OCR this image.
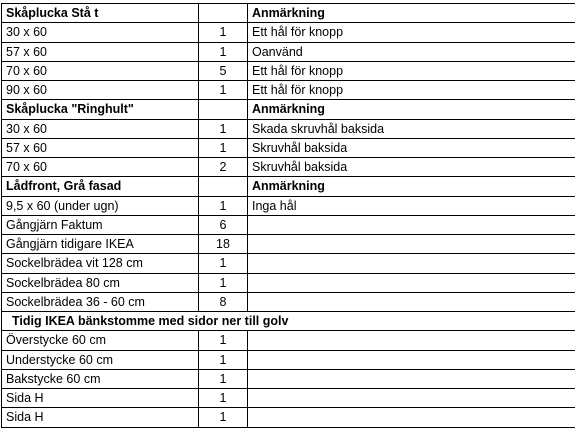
Skåplucka Stå t		Anmärkning
30 x 60	1	Ett hål för knopp
57 x 60	1	Oanvänd
70 x 60	5	Ett hål för knopp
90 x 60	1	Ett hål för knopp
Skåplucka "Ringhult"		Anmärkning
30 x 60	1	Skada skruvhål baksida
57 x 60	1	Skruvhål baksida
70 x 60	2	Skruvhål baksida
Lådfront, Grå fasad		Anmärkning
9,5 x 60 (under ugn)	1	Inga hål
Gångjärn Faktum	6	
Gångjärn tidigare IKEA	18	
Sockelbrädea vit 128 cm	1	
Sockelbrädea 80 cm	1	
Sockelbrädea 36 - 60 cm	8	
Tidig IKEA bänkstomme med sidor ner till golv		
Överstycke 60 cm	1	
Understycke 60 cm	1	
Bakstycke 60 cm	1	
Sida H	1	
Sida H	1	
